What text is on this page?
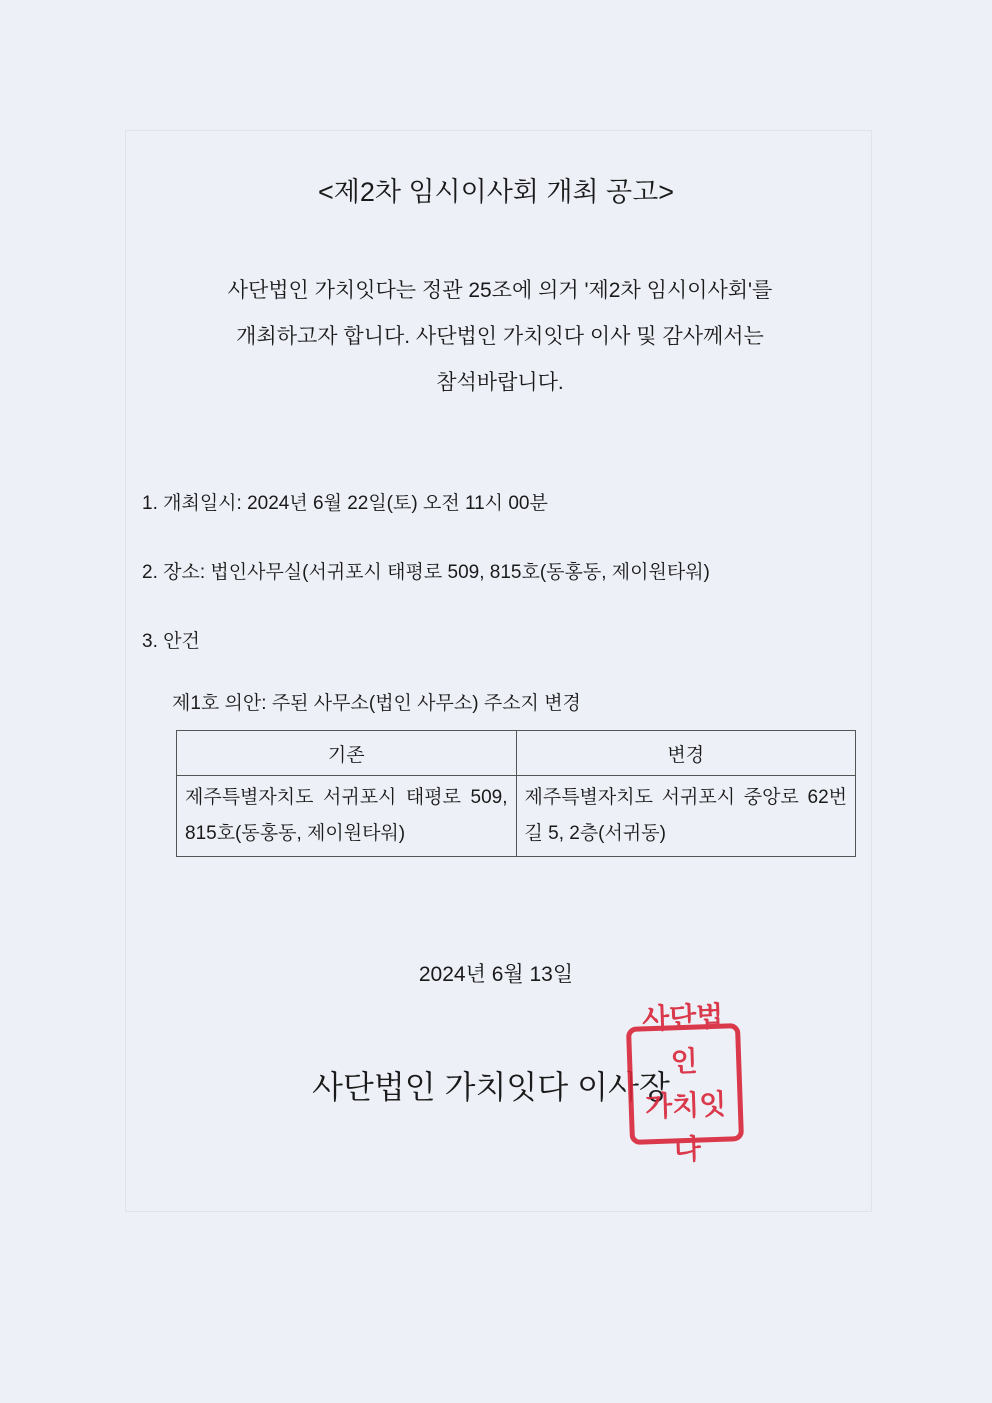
<제2차 임시이사회 개최 공고>
사단법인 가치잇다는 정관 25조에 의거 '제2차 임시이사회'를
개최하고자 합니다. 사단법인 가치잇다 이사 및 감사께서는
참석바랍니다.
1. 개최일시: 2024년 6월 22일(토) 오전 11시 00분
2. 장소: 법인사무실(서귀포시 태평로 509, 815호(동홍동, 제이원타워)
3. 안건
제1호 의안: 주된 사무소(법인 사무소) 주소지 변경
기존	변경
제주특별자치도 서귀포시 태평로 509, 815호(동홍동, 제이원타워)	제주특별자치도 서귀포시 중앙로 62번길 5, 2층(서귀동)
2024년 6월 13일
사단법인 가치잇다 이사장
사단법인
가치잇다
